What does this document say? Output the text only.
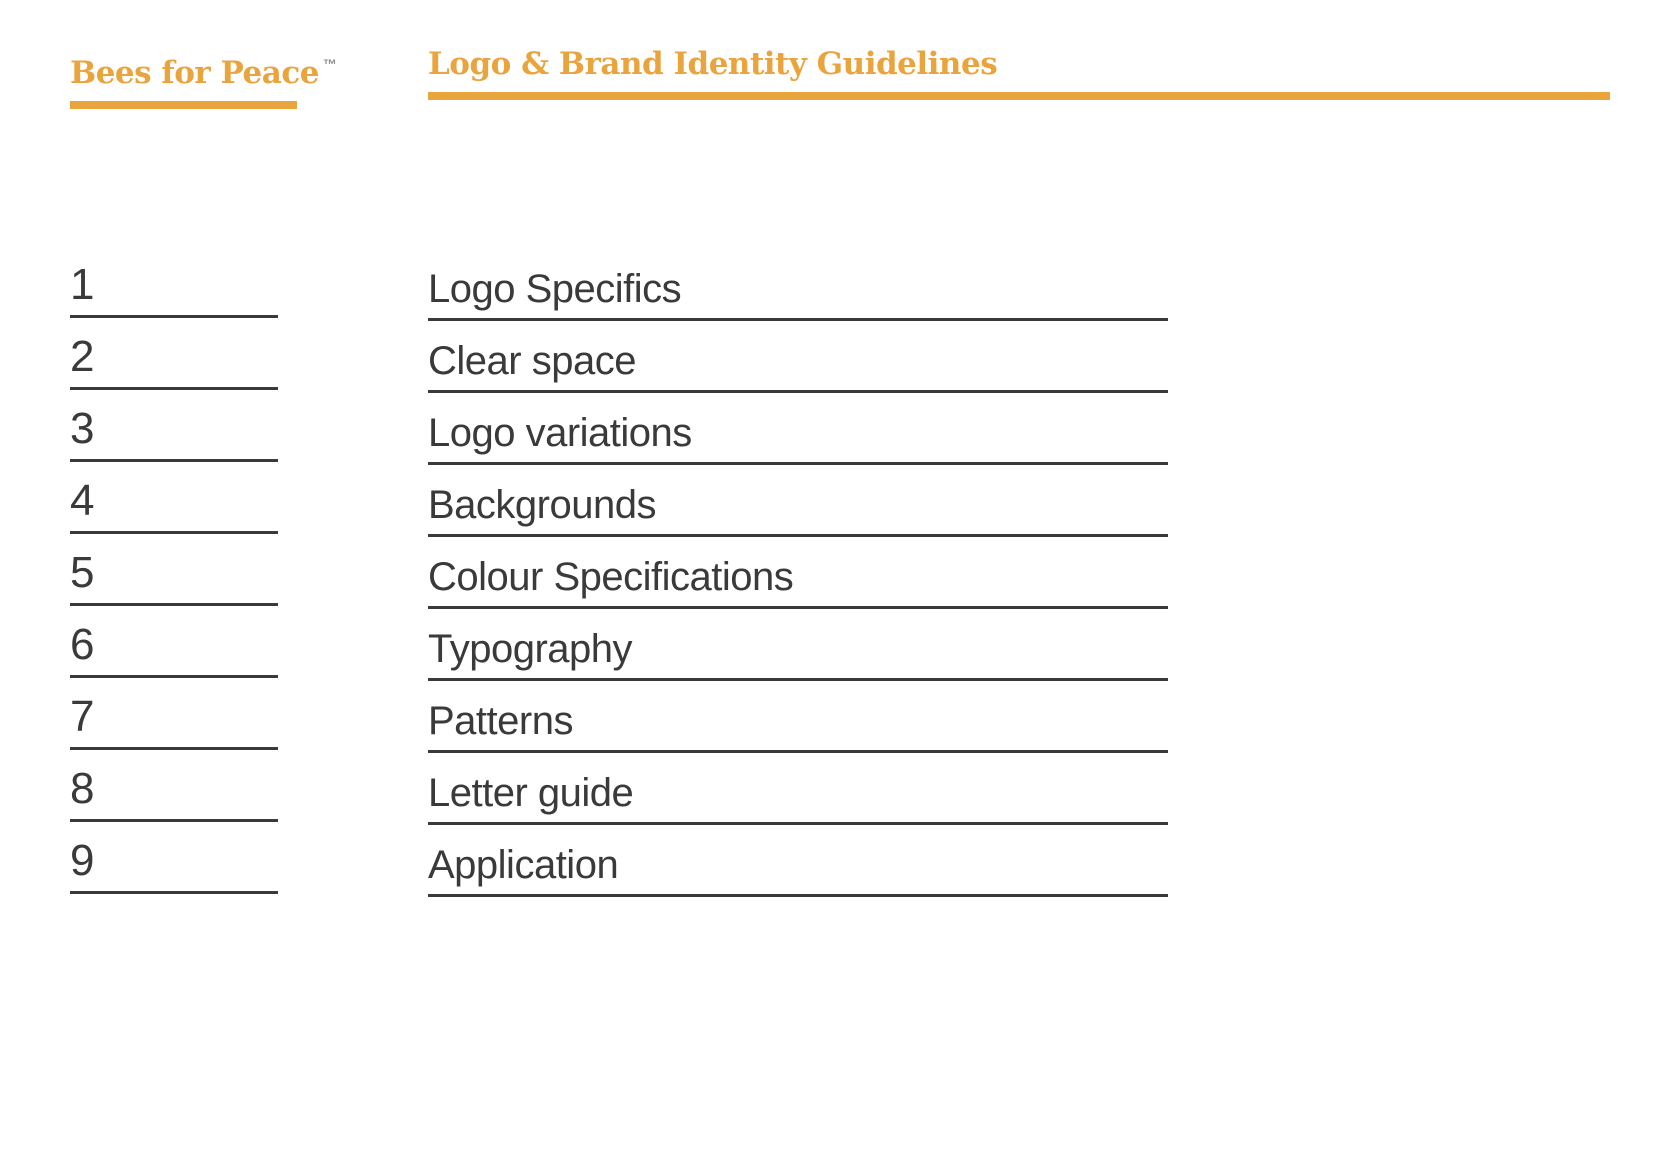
Bees for Peace ™	Logo & Brand Identity Guidelines
1	Logo Specifics
2	Clear space
3	Logo variations
4	Backgrounds
5	Colour Specifications
6	Typography
7	Patterns
8	Letter guide
9	Application
